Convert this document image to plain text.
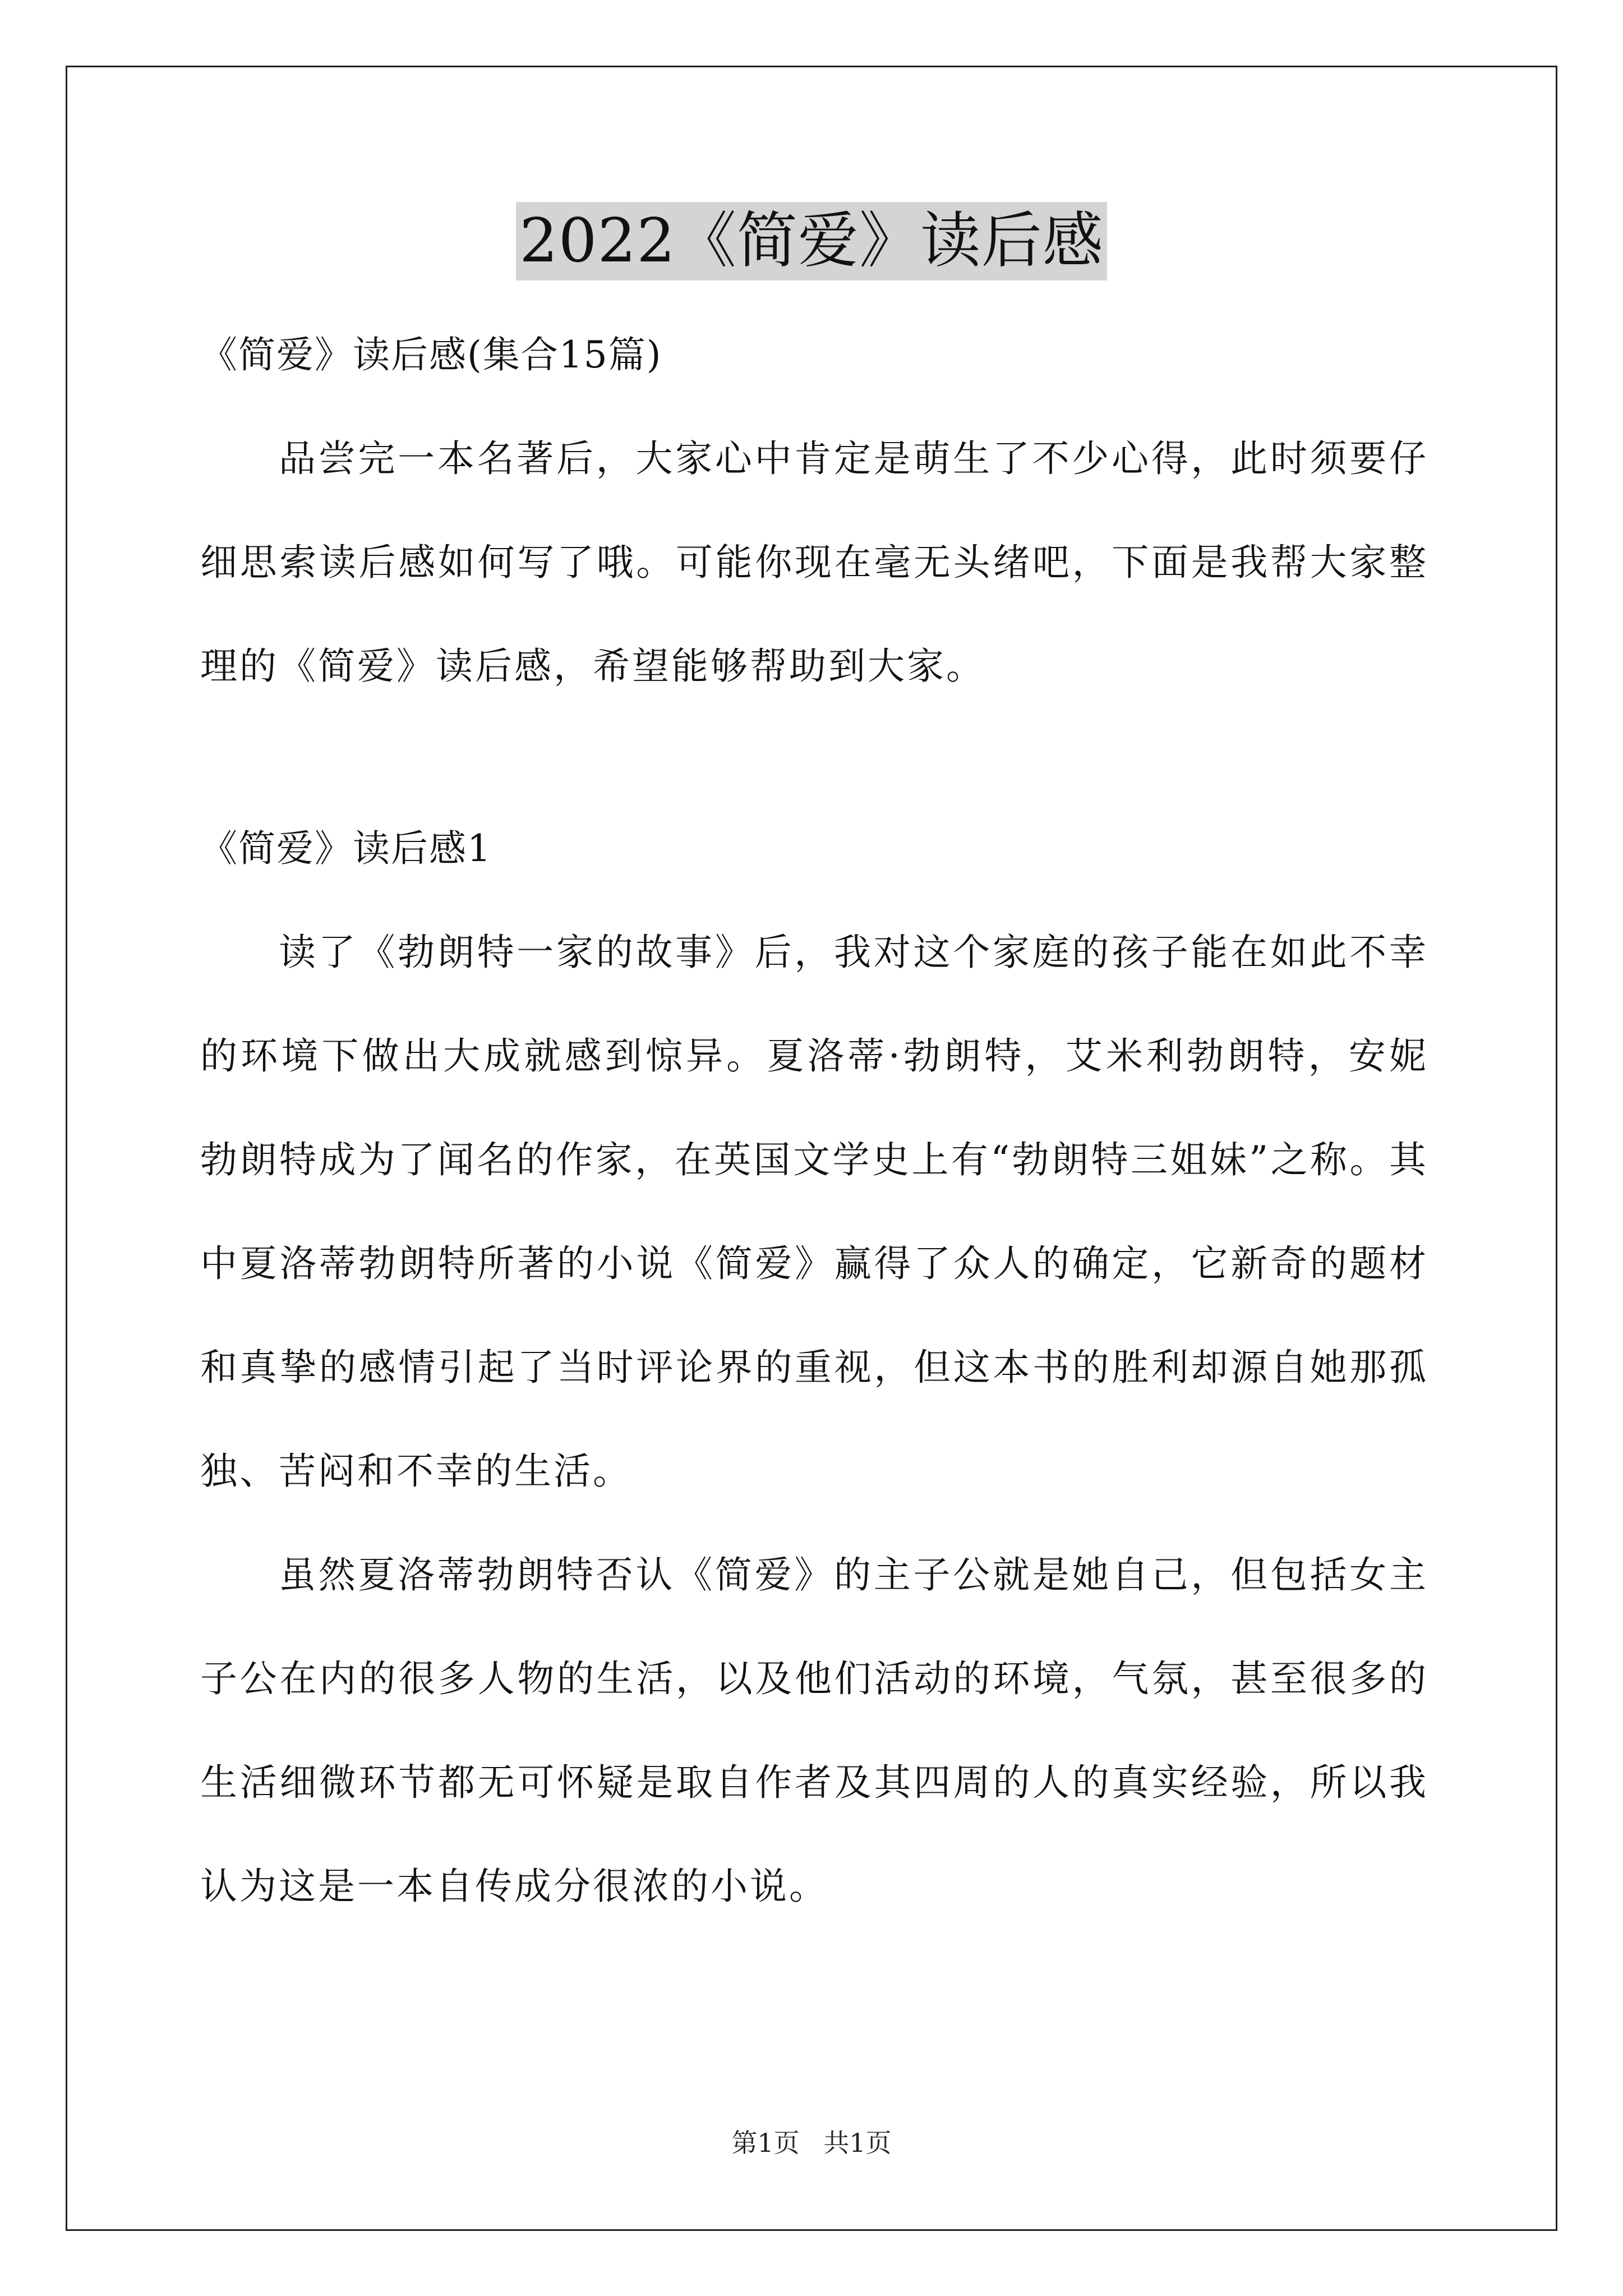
2022《简爱》读后感
《简爱》读后感(集合15篇)

品尝完一本名著后，大家心中肯定是萌生了不少心得，此时须要仔细思索读后感如何写了哦。可能你现在毫无头绪吧，下面是我帮大家整理的《简爱》读后感，希望能够帮助到大家。

《简爱》读后感1

读了《勃朗特一家的故事》后，我对这个家庭的孩子能在如此不幸的环境下做出大成就感到惊异。夏洛蒂·勃朗特，艾米利勃朗特，安妮勃朗特成为了闻名的作家，在英国文学史上有“勃朗特三姐妹”之称。其中夏洛蒂勃朗特所著的小说《简爱》赢得了众人的确定，它新奇的题材和真挚的感情引起了当时评论界的重视，但这本书的胜利却源自她那孤独、苦闷和不幸的生活。

虽然夏洛蒂勃朗特否认《简爱》的主子公就是她自己，但包括女主子公在内的很多人物的生活，以及他们活动的环境，气氛，甚至很多的生活细微环节都无可怀疑是取自作者及其四周的人的真实经验，所以我认为这是一本自传成分很浓的小说。

第1页 共1页
